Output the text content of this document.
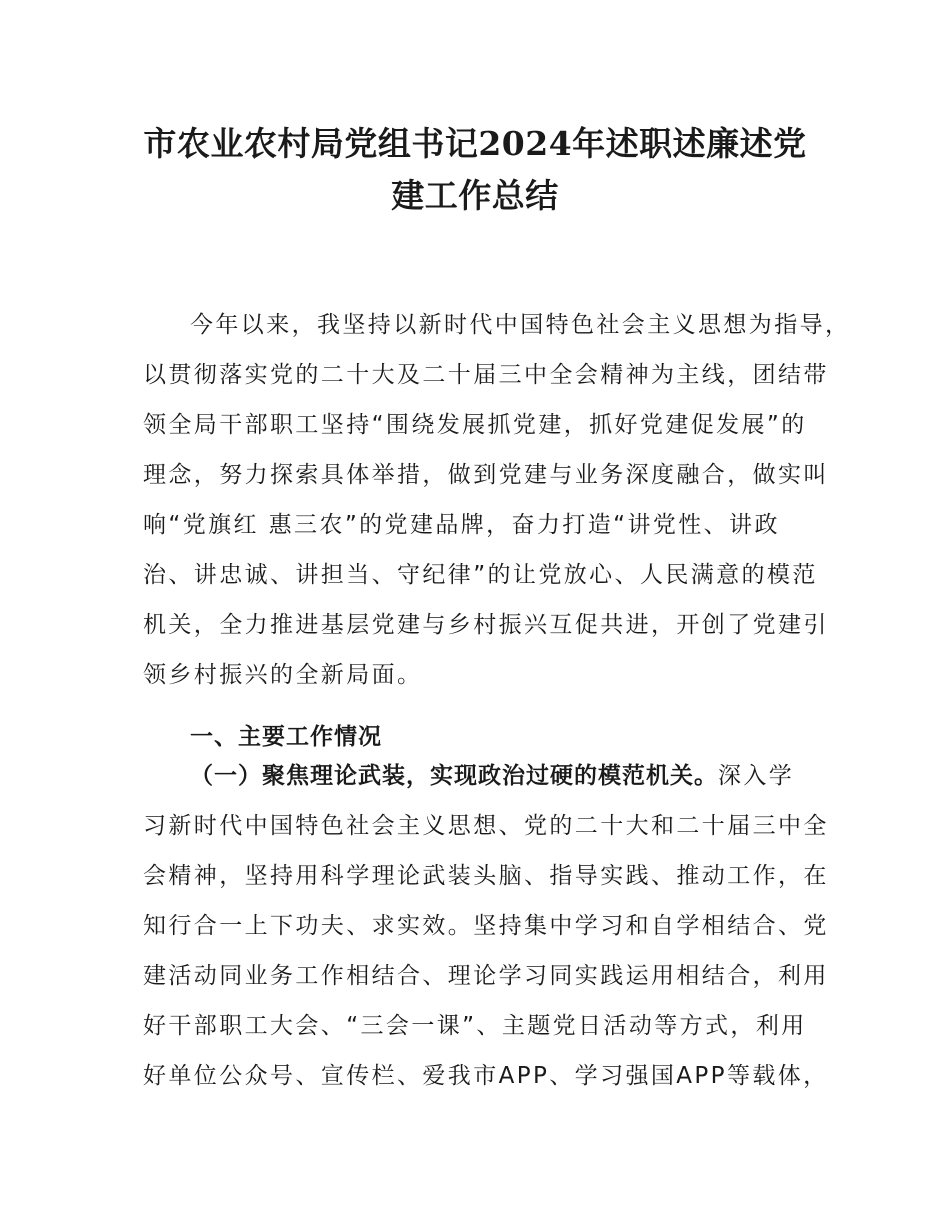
市农业农村局党组书记2024年述职述廉述党
建工作总结
今年以来，我坚持以新时代中国特色社会主义思想为指导，
以贯彻落实党的二十大及二十届三中全会精神为主线，团结带
领全局干部职工坚持“围绕发展抓党建，抓好党建促发展”的
理念，努力探索具体举措，做到党建与业务深度融合，做实叫
响“党旗红 惠三农”的党建品牌，奋力打造“讲党性、讲政
治、讲忠诚、讲担当、守纪律”的让党放心、人民满意的模范
机关，全力推进基层党建与乡村振兴互促共进，开创了党建引
领乡村振兴的全新局面。
一、主要工作情况
（一）聚焦理论武装，实现政治过硬的模范机关。深入学
习新时代中国特色社会主义思想、党的二十大和二十届三中全
会精神，坚持用科学理论武装头脑、指导实践、推动工作，在
知行合一上下功夫、求实效。坚持集中学习和自学相结合、党
建活动同业务工作相结合、理论学习同实践运用相结合，利用
好干部职工大会、“三会一课”、主题党日活动等方式，利用
好单位公众号、宣传栏、爱我市APP、学习强国APP等载体，
